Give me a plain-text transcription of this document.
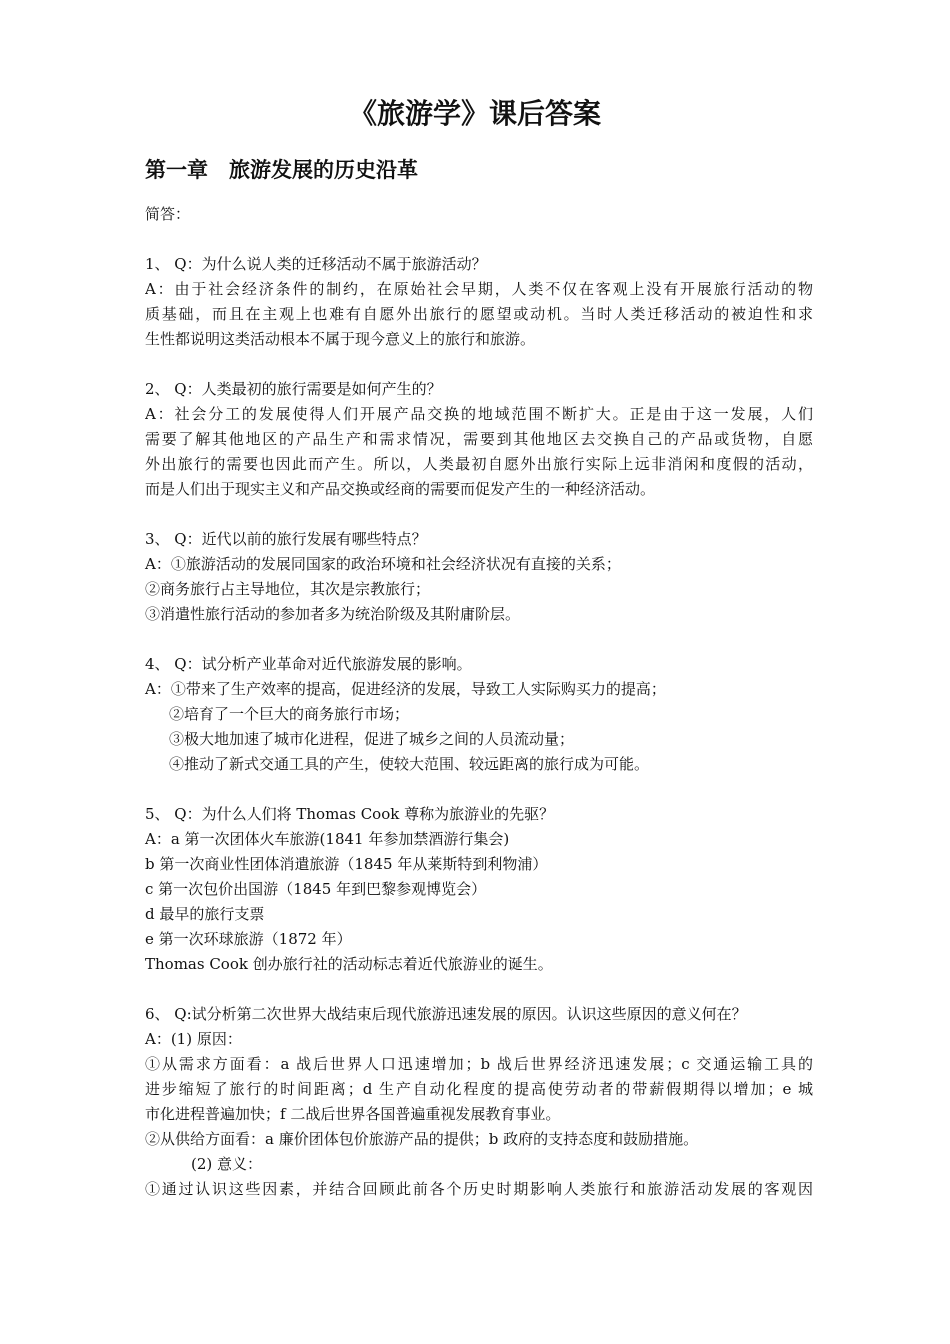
《旅游学》课后答案
第一章　旅游发展的历史沿革
简答：
1、 Q：为什么说人类的迁移活动不属于旅游活动？
A：由于社会经济条件的制约，在原始社会早期，人类不仅在客观上没有开展旅行活动的物
质基础，而且在主观上也难有自愿外出旅行的愿望或动机。当时人类迁移活动的被迫性和求
生性都说明这类活动根本不属于现今意义上的旅行和旅游。
2、 Q：人类最初的旅行需要是如何产生的？
A：社会分工的发展使得人们开展产品交换的地域范围不断扩大。正是由于这一发展，人们
需要了解其他地区的产品生产和需求情况，需要到其他地区去交换自己的产品或货物，自愿
外出旅行的需要也因此而产生。所以，人类最初自愿外出旅行实际上远非消闲和度假的活动，
而是人们出于现实主义和产品交换或经商的需要而促发产生的一种经济活动。
3、 Q：近代以前的旅行发展有哪些特点？
A：①旅游活动的发展同国家的政治环境和社会经济状况有直接的关系；
②商务旅行占主导地位，其次是宗教旅行；
③消遣性旅行活动的参加者多为统治阶级及其附庸阶层。
4、 Q：试分析产业革命对近代旅游发展的影响。
A：①带来了生产效率的提高，促进经济的发展，导致工人实际购买力的提高；
②培育了一个巨大的商务旅行市场；
③极大地加速了城市化进程，促进了城乡之间的人员流动量；
④推动了新式交通工具的产生，使较大范围、较远距离的旅行成为可能。
5、 Q：为什么人们将 Thomas Cook 尊称为旅游业的先驱？
A：a 第一次团体火车旅游(1841 年参加禁酒游行集会)
b 第一次商业性团体消遣旅游（1845 年从莱斯特到利物浦）
c 第一次包价出国游（1845 年到巴黎参观博览会）
d 最早的旅行支票
e 第一次环球旅游（1872 年）
Thomas Cook 创办旅行社的活动标志着近代旅游业的诞生。
6、 Q:试分析第二次世界大战结束后现代旅游迅速发展的原因。认识这些原因的意义何在？
A：(1) 原因：
①从需求方面看：a 战后世界人口迅速增加；b 战后世界经济迅速发展；c 交通运输工具的
进步缩短了旅行的时间距离；d 生产自动化程度的提高使劳动者的带薪假期得以增加；e 城
市化进程普遍加快；f 二战后世界各国普遍重视发展教育事业。
②从供给方面看：a 廉价团体包价旅游产品的提供；b 政府的支持态度和鼓励措施。
(2) 意义：
①通过认识这些因素，并结合回顾此前各个历史时期影响人类旅行和旅游活动发展的客观因
